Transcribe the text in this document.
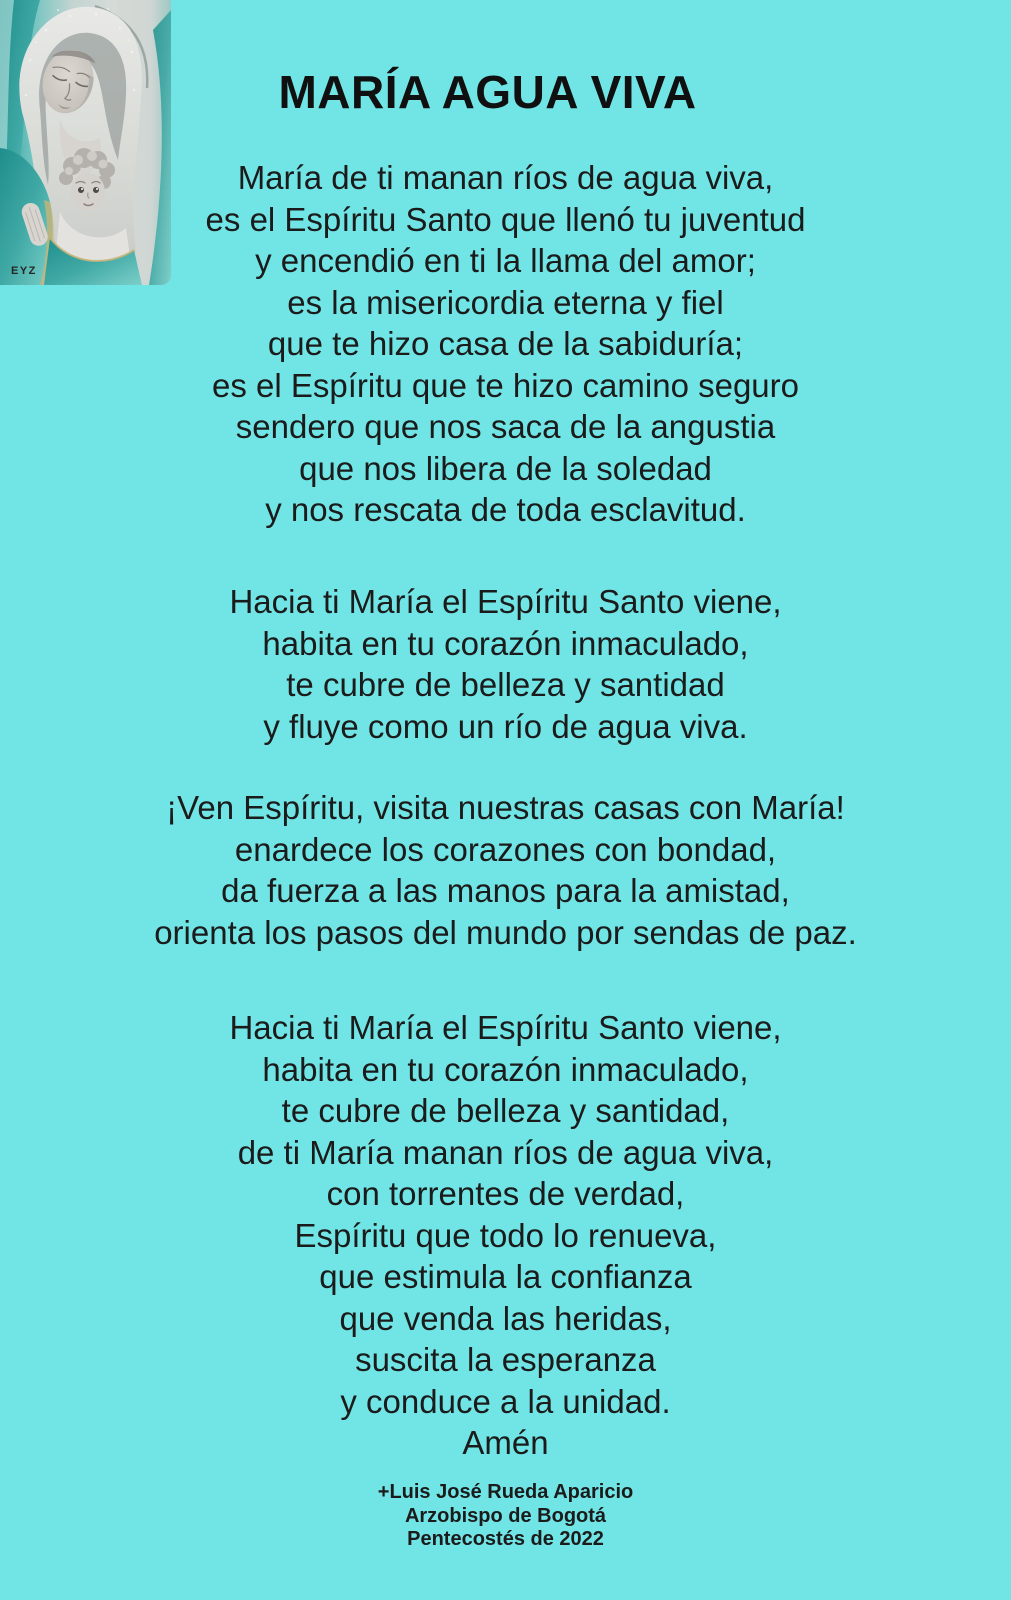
EYZ
MARÍA AGUA VIVA

María de ti manan ríos de agua viva,

es el Espíritu Santo que llenó tu juventud

y encendió en ti la llama del amor;

es la misericordia eterna y fiel

que te hizo casa de la sabiduría;

es el Espíritu que te hizo camino seguro

sendero que nos saca de la angustia

que nos libera de la soledad

y nos rescata de toda esclavitud.

Hacia ti María el Espíritu Santo viene,

habita en tu corazón inmaculado,

te cubre de belleza y santidad

y fluye como un río de agua viva.

¡Ven Espíritu, visita nuestras casas con María!

enardece los corazones con bondad,

da fuerza a las manos para la amistad,

orienta los pasos del mundo por sendas de paz.

Hacia ti María el Espíritu Santo viene,

habita en tu corazón inmaculado,

te cubre de belleza y santidad,

de ti María manan ríos de agua viva,

con torrentes de verdad,

Espíritu que todo lo renueva,

que estimula la confianza

que venda las heridas,

suscita la esperanza

y conduce a la unidad.

Amén

+Luis José Rueda Aparicio

Arzobispo de Bogotá

Pentecostés de 2022
